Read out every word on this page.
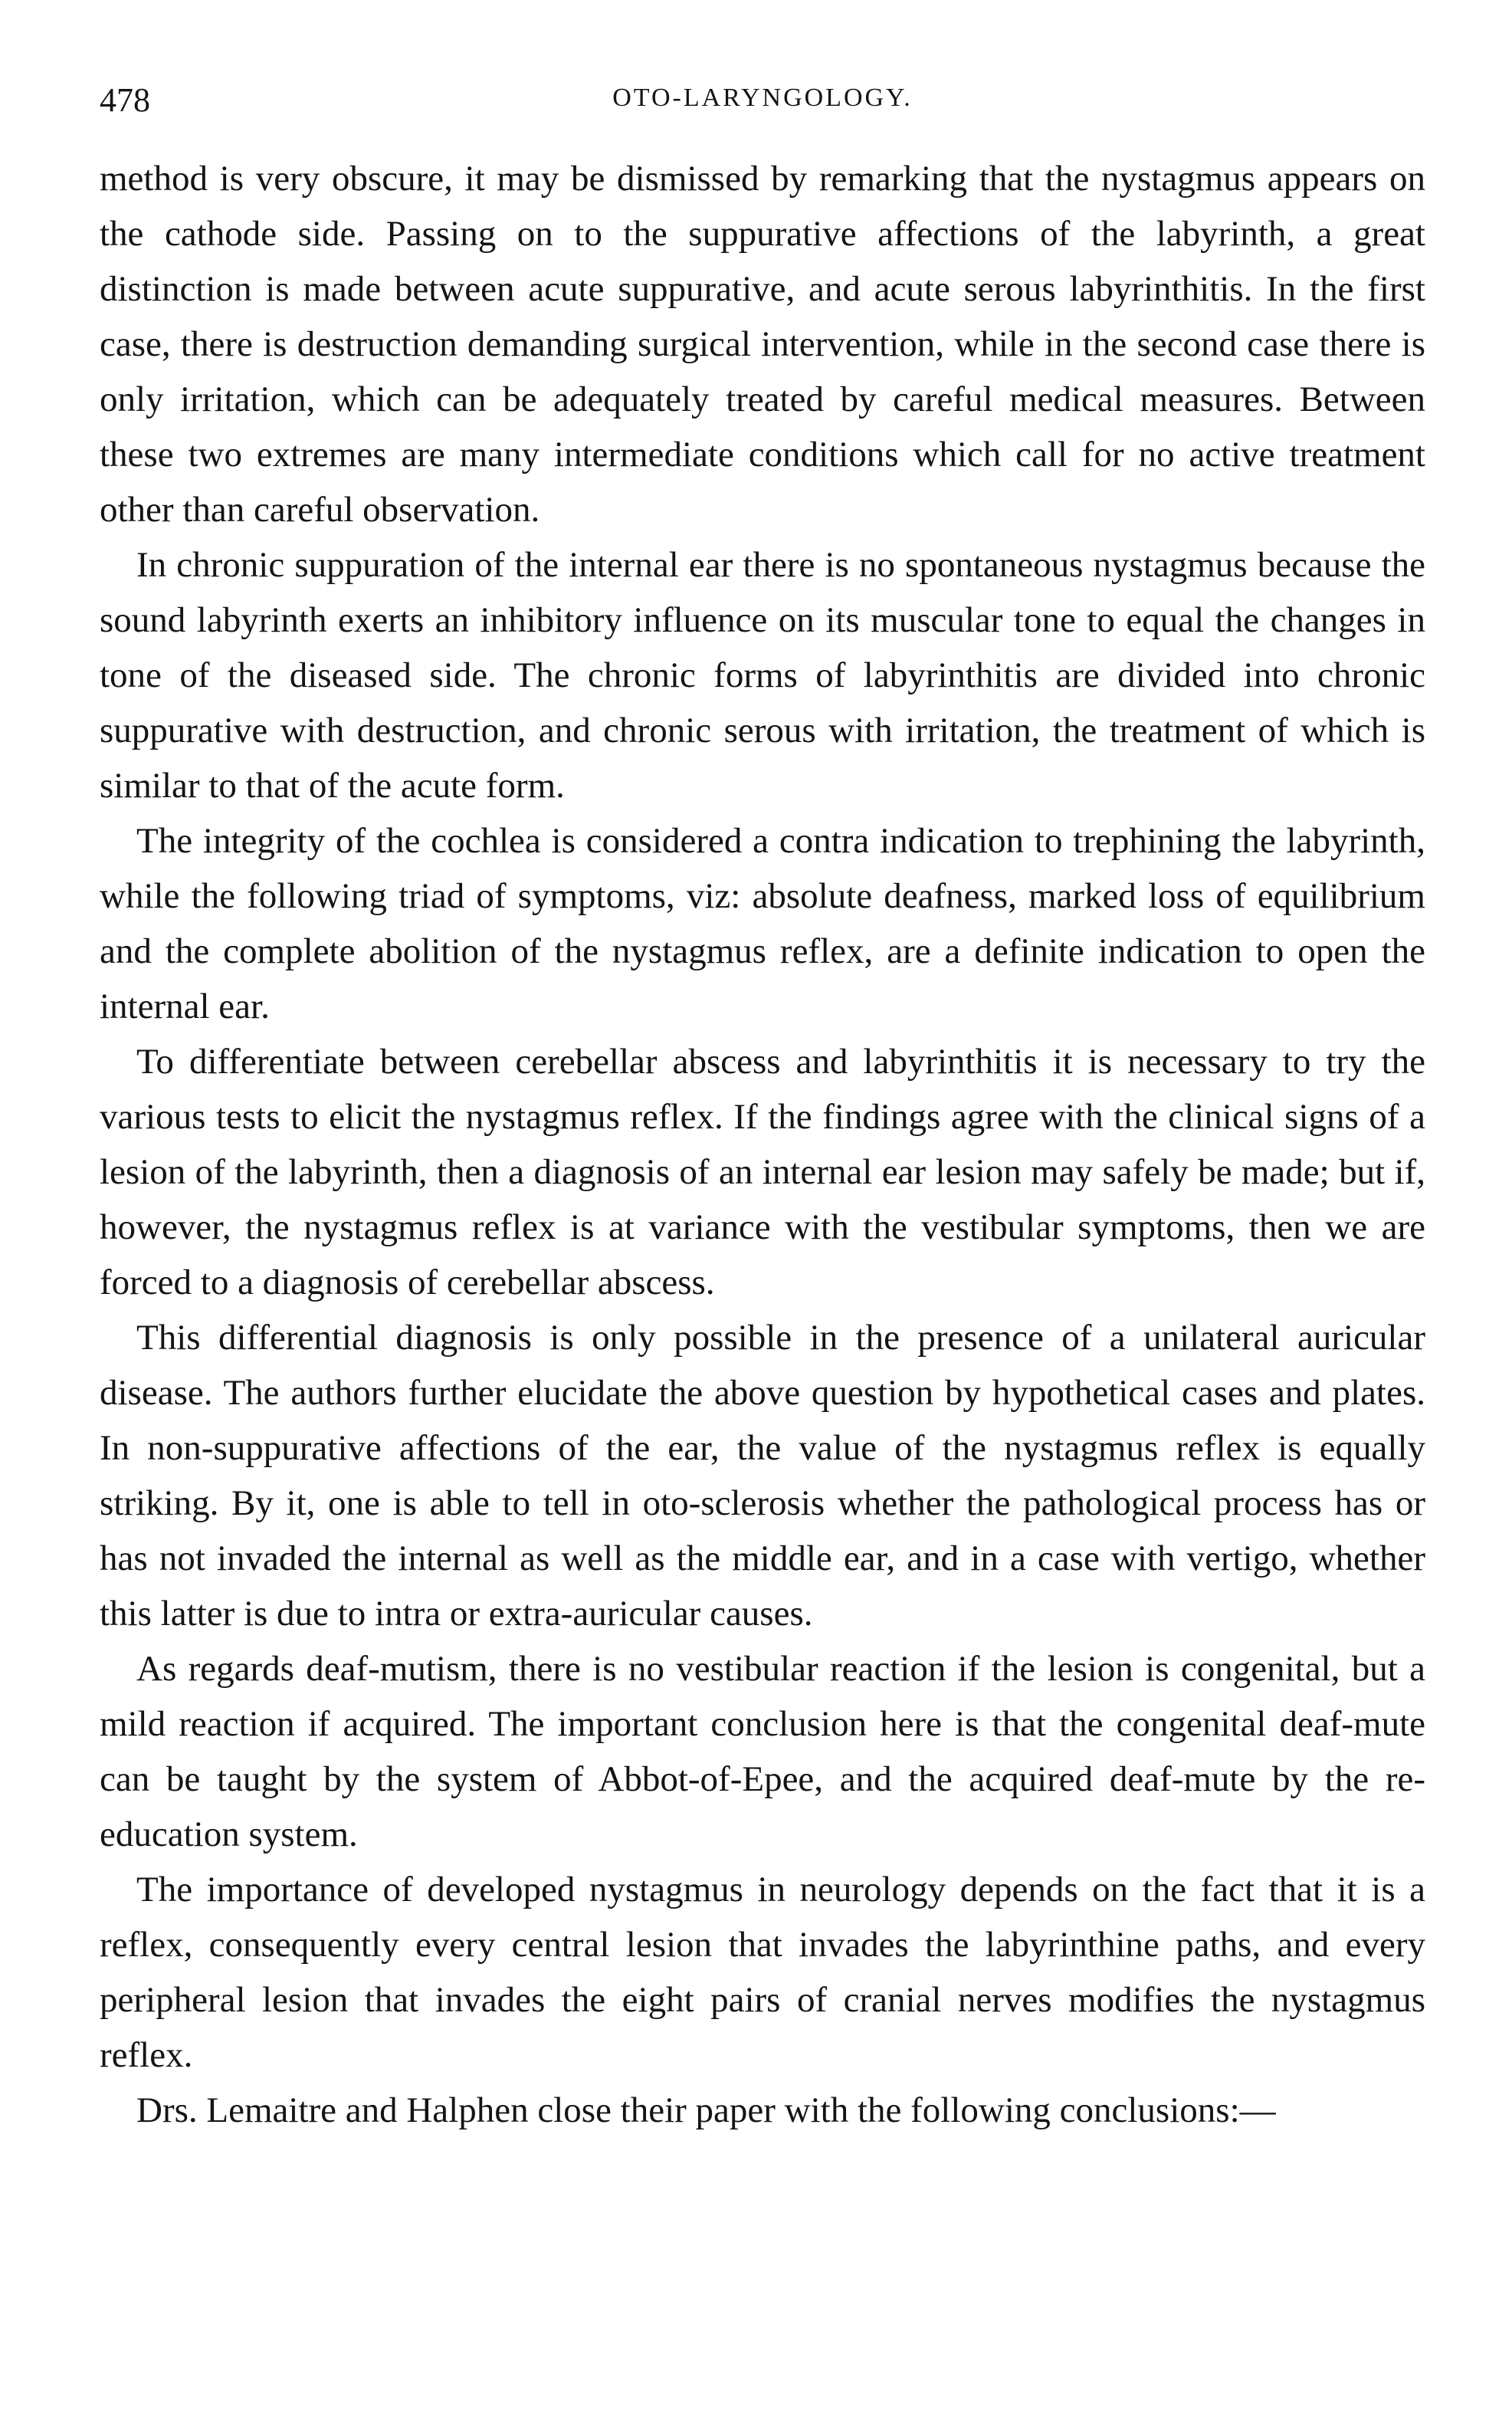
478	OTO-LARYNGOLOGY.

method is very obscure, it may be dismissed by remarking that the nystagmus appears on the cathode side. Passing on to the suppurative affections of the labyrinth, a great distinction is made between acute suppurative, and acute serous labyrinthitis. In the first case, there is destruction demanding surgical intervention, while in the second case there is only irritation, which can be adequately treated by careful medical measures. Between these two extremes are many intermediate conditions which call for no active treatment other than careful observation.

In chronic suppuration of the internal ear there is no spontaneous nystagmus because the sound labyrinth exerts an inhibitory influence on its muscular tone to equal the changes in tone of the diseased side. The chronic forms of labyrinthitis are divided into chronic suppurative with destruction, and chronic serous with irritation, the treatment of which is similar to that of the acute form.

The integrity of the cochlea is considered a contra indication to trephining the labyrinth, while the following triad of symptoms, viz: absolute deafness, marked loss of equilibrium and the complete abolition of the nystagmus reflex, are a definite indication to open the internal ear.

To differentiate between cerebellar abscess and labyrinthitis it is necessary to try the various tests to elicit the nystagmus reflex. If the findings agree with the clinical signs of a lesion of the labyrinth, then a diagnosis of an internal ear lesion may safely be made; but if, however, the nystagmus reflex is at variance with the vestibular symptoms, then we are forced to a diagnosis of cerebellar abscess.

This differential diagnosis is only possible in the presence of a unilateral auricular disease. The authors further elucidate the above question by hypothetical cases and plates. In non-suppurative affections of the ear, the value of the nystagmus reflex is equally striking. By it, one is able to tell in oto-sclerosis whether the pathological process has or has not invaded the internal as well as the middle ear, and in a case with vertigo, whether this latter is due to intra or extra-auricular causes.

As regards deaf-mutism, there is no vestibular reaction if the lesion is congenital, but a mild reaction if acquired. The important conclusion here is that the congenital deaf-mute can be taught by the system of Abbot-of-Epee, and the acquired deaf-mute by the re-education system.

The importance of developed nystagmus in neurology depends on the fact that it is a reflex, consequently every central lesion that invades the labyrinthine paths, and every peripheral lesion that invades the eight pairs of cranial nerves modifies the nystagmus reflex.

Drs. Lemaitre and Halphen close their paper with the following conclusions:—
